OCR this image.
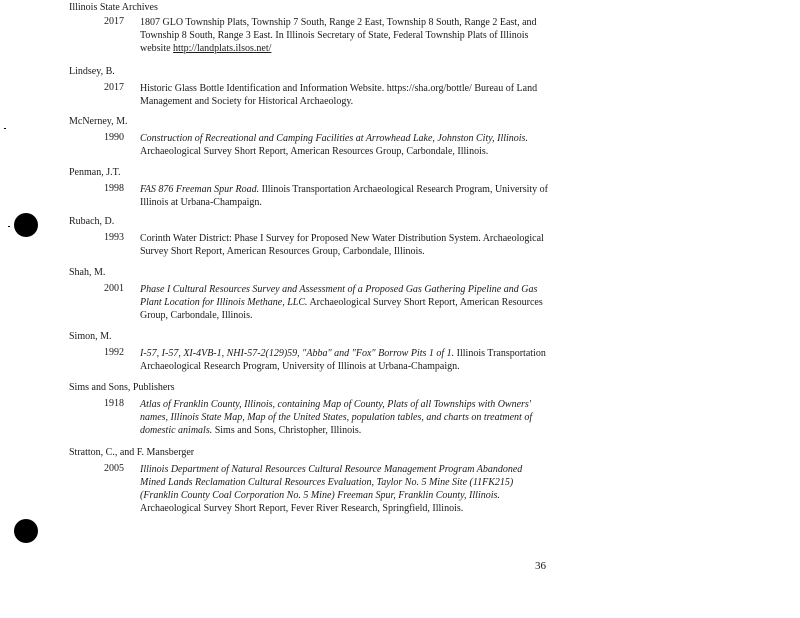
Illinois State Archives
2017 1807 GLO Township Plats, Township 7 South, Range 2 East, Township 8 South, Range 2 East, and Township 8 South, Range 3 East. In Illinois Secretary of State, Federal Township Plats of Illinois website http://landplats.ilsos.net/
Lindsey, B.
2017 Historic Glass Bottle Identification and Information Website. https://sha.org/bottle/ Bureau of Land Management and Society for Historical Archaeology.
McNerney, M.
1990 Construction of Recreational and Camping Facilities at Arrowhead Lake, Johnston City, Illinois. Archaeological Survey Short Report, American Resources Group, Carbondale, Illinois.
Penman, J.T.
1998 FAS 876 Freeman Spur Road. Illinois Transportation Archaeological Research Program, University of Illinois at Urbana-Champaign.
Rubach, D.
1993 Corinth Water District: Phase I Survey for Proposed New Water Distribution System. Archaeological Survey Short Report, American Resources Group, Carbondale, Illinois.
Shah, M.
2001 Phase I Cultural Resources Survey and Assessment of a Proposed Gas Gathering Pipeline and Gas Plant Location for Illinois Methane, LLC. Archaeological Survey Short Report, American Resources Group, Carbondale, Illinois.
Simon, M.
1992 I-57, I-57, XI-4VB-1, NHI-57-2(129)59, "Abba" and "Fox" Borrow Pits 1 of 1. Illinois Transportation Archaeological Research Program, University of Illinois at Urbana-Champaign.
Sims and Sons, Publishers
1918 Atlas of Franklin County, Illinois, containing Map of County, Plats of all Townships with Owners' names, Illinois State Map, Map of the United States, population tables, and charts on treatment of domestic animals. Sims and Sons, Christopher, Illinois.
Stratton, C., and F. Mansberger
2005 Illinois Department of Natural Resources Cultural Resource Management Program Abandoned Mined Lands Reclamation Cultural Resources Evaluation, Taylor No. 5 Mine Site (11FK215) (Franklin County Coal Corporation No. 5 Mine) Freeman Spur, Franklin County, Illinois. Archaeological Survey Short Report, Fever River Research, Springfield, Illinois.
36
